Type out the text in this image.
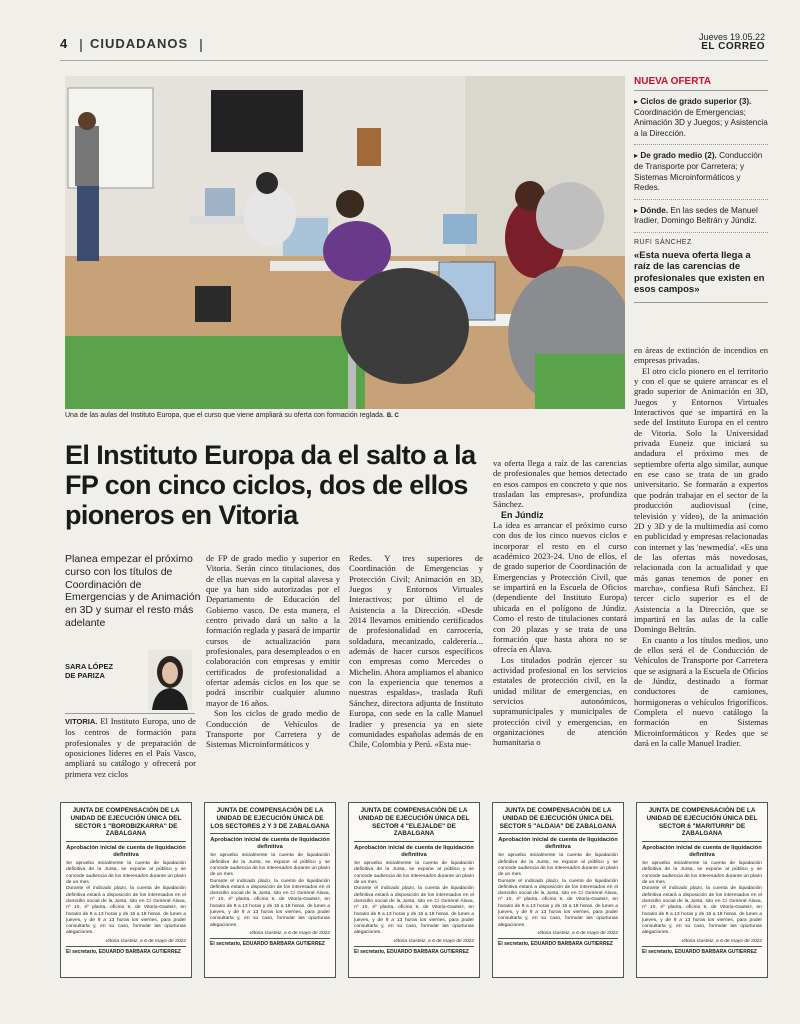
4 CIUDADANOS	Jueves 19.05.22
EL CORREO
Una de las aulas del Instituto Europa, que el curso que viene ampliará su oferta con formación reglada. B. C
NUEVA OFERTA
▸ Ciclos de grado superior (3). Coordinación de Emergencias; Animación 3D y Juegos; y Asistencia a la Dirección.
▸ De grado medio (2). Conducción de Transporte por Carretera; y Sistemas Microinformáticos y Redes.
▸ Dónde. En las sedes de Manuel Iradier, Domingo Beltrán y Júndiz.
RUFI SÁNCHEZ
«Esta nueva oferta llega a raíz de las carencias de profesionales que existen en esos campos»
El Instituto Europa da el salto a la FP con cinco ciclos, dos de ellos pioneros en Vitoria
Planea empezar el próximo curso con los títulos de Coordinación de Emergencias y de Animación en 3D y sumar el resto más adelante
SARA LÓPEZ
DE PARIZA

VITORIA. El Instituto Europa, uno de los centros de formación para profesionales y de preparación de oposiciones líderes en el País Vasco, ampliará su catálogo y ofrecerá por primera vez ciclos

de FP de grado medio y superior en Vitoria. Serán cinco titulaciones, dos de ellas nuevas en la capital alavesa y que ya han sido autorizadas por el Departamento de Educación del Gobierno vasco. De esta manera, el centro privado dará un salto a la formación reglada y pasará de impartir cursos de actualización para profesionales, para desempleados o en colaboración con empresas y emitir certificados de profesionalidad a ofertar además ciclos en los que se podrá inscribir cualquier alumno mayor de 16 años.

Son los ciclos de grado medio de Conducción de Vehículos de Transporte por Carretera y de Sistemas Microinformáticos y

Redes. Y tres superiores de Coordinación de Emergencias y Protección Civil; Animación en 3D, Juegos y Entornos Virtuales Interactivos; por último el de Asistencia a la Dirección. «Desde 2014 llevamos emitiendo certificados de profesionalidad en carrocería, soldadura, mecanizado, calderería... además de hacer cursos específicos con empresas como Mercedes o Michelin. Ahora ampliamos el abanico con la experiencia que tenemos a nuestras espaldas», traslada Rufi Sánchez, directora adjunta de Instituto Europa, con sede en la calle Manuel Iradier y presencia ya en siete comunidades españolas además de en Chile, Colombia y Perú. «Esta nue-

va oferta llega a raíz de las carencias de profesionales que hemos detectado en esos campos en concreto y que nos trasladan las empresas», profundiza Sánchez.

En Júndiz

La idea es arrancar el próximo curso con dos de los cinco nuevos ciclos e incorporar el resto en el curso académico 2023-24. Uno de ellos, el de grado superior de Coordinación de Emergencias y Protección Civil, que se impartirá en la Escuela de Oficios (dependiente del Instituto Europa) ubicada en el polígono de Júndiz. Como el resto de titulaciones contará con 20 plazas y se trata de una formación que hasta ahora no se ofrecía en Álava.

Los titulados podrán ejercer su actividad profesional en los servicios estatales de protección civil, en la unidad militar de emergencias, en servicios autonómicos, supramunicipales y municipales de protección civil y emergencias, en organizaciones de atención humanitaria o

en áreas de extinción de incendios en empresas privadas.

El otro ciclo pionero en el territorio y con el que se quiere arrancar es el grado superior de Animación en 3D, Juegos y Entornos Virtuales Interactivos que se impartirá en la sede del Instituto Europa en el centro de Vitoria. Solo la Universidad privada Euneiz que iniciará su andadura el próximo mes de septiembre oferta algo similar, aunque en ese caso se trata de un grado universitario. Se formarán a expertos que podrán trabajar en el sector de la producción audiovisual (cine, televisión y vídeo), de la animación 2D y 3D y de la multimedia así como en publicidad y empresas relacionadas con internet y las 'newmedia'. «Es una de las ofertas más novedosas, relacionada con la actualidad y que más ganas tenemos de poner en marcha», confiesa Rufi Sánchez. El tercer ciclo superior es el de Asistencia a la Dirección, que se impartirá en las aulas de la calle Domingo Beltrán.

En cuanto a los títulos medios, uno de ellos será el de Conducción de Vehículos de Transporte por Carretera que se asignará a la Escuela de Oficios de Júndiz, destinado a formar conductores de camiones, hormigoneras o vehículos frigoríficos. Completa el nuevo catálogo la formación en Sistemas Microinformáticos y Redes que se dará en la calle Manuel Iradier.

JUNTA DE COMPENSACIÓN DE LA UNIDAD DE EJECUCIÓN ÚNICA DEL SECTOR 1 "BOROBIZKARRA" DE ZABALGANA
Aprobación inicial de cuenta de liquidación definitiva
Se aprueba inicialmente la cuenta de liquidación definitiva de la Junta, se expone al público y se concede audiencia de los interesados durante un plazo de un mes.
Durante el indicado plazo, la cuenta de liquidación definitiva estará a disposición de los interesados en el domicilio social de la Junta, sito en C/ General Álava, nº 10, 4º planta, oficina 5, de Vitoria-Gasteiz, en horario de 9 a 13 horas y de 16 a 18 horas, de lunes a jueves, y de 9 a 13 horas los viernes, para poder consultarla y, en su caso, formular las oportunas alegaciones.
Vitoria-Gasteiz, a 6 de mayo de 2022
El secretario, EDUARDO BARBARA GUTIERREZ
JUNTA DE COMPENSACIÓN DE LA UNIDAD DE EJECUCIÓN ÚNICA DE LOS SECTORES 2 Y 3 DE ZABALGANA
Aprobación inicial de cuenta de liquidación definitiva
Se aprueba inicialmente la cuenta de liquidación definitiva de la Junta, se expone al público y se concede audiencia de los interesados durante un plazo de un mes.
Durante el indicado plazo, la cuenta de liquidación definitiva estará a disposición de los interesados en el domicilio social de la Junta, sito en C/ General Álava, nº 10, 4º planta, oficina 5, de Vitoria-Gasteiz, en horario de 9 a 13 horas y de 16 a 18 horas, de lunes a jueves, y de 9 a 13 horas los viernes, para poder consultarla y, en su caso, formular las oportunas alegaciones.
Vitoria-Gasteiz, a 6 de mayo de 2022
El secretario, EDUARDO BARBARA GUTIERREZ
JUNTA DE COMPENSACIÓN DE LA UNIDAD DE EJECUCIÓN ÚNICA DEL SECTOR 4 "ELEJALDE" DE ZABALGANA
Aprobación inicial de cuenta de liquidación definitiva
Se aprueba inicialmente la cuenta de liquidación definitiva de la Junta, se expone al público y se concede audiencia de los interesados durante un plazo de un mes.
Durante el indicado plazo, la cuenta de liquidación definitiva estará a disposición de los interesados en el domicilio social de la Junta, sito en C/ General Álava, nº 10, 4º planta, oficina 5, de Vitoria-Gasteiz, en horario de 9 a 13 horas y de 16 a 18 horas, de lunes a jueves, y de 9 a 13 horas los viernes, para poder consultarla y, en su caso, formular las oportunas alegaciones.
Vitoria-Gasteiz, a 6 de mayo de 2022
El secretario, EDUARDO BARBARA GUTIERREZ
JUNTA DE COMPENSACIÓN DE LA UNIDAD DE EJECUCIÓN ÚNICA DEL SECTOR 5 "ALDAIA" DE ZABALGANA
Aprobación inicial de cuenta de liquidación definitiva
Se aprueba inicialmente la cuenta de liquidación definitiva de la Junta, se expone al público y se concede audiencia de los interesados durante un plazo de un mes.
Durante el indicado plazo, la cuenta de liquidación definitiva estará a disposición de los interesados en el domicilio social de la Junta, sito en C/ General Álava, nº 10, 4º planta, oficina 5, de Vitoria-Gasteiz, en horario de 9 a 13 horas y de 16 a 18 horas, de lunes a jueves, y de 9 a 13 horas los viernes, para poder consultarla y, en su caso, formular las oportunas alegaciones.
Vitoria-Gasteiz, a 6 de mayo de 2022
El secretario, EDUARDO BARBARA GUTIERREZ
JUNTA DE COMPENSACIÓN DE LA UNIDAD DE EJECUCIÓN ÚNICA DEL SECTOR 6 "MARITURRI" DE ZABALGANA
Aprobación inicial de cuenta de liquidación definitiva
Se aprueba inicialmente la cuenta de liquidación definitiva de la Junta, se expone al público y se concede audiencia de los interesados durante un plazo de un mes.
Durante el indicado plazo, la cuenta de liquidación definitiva estará a disposición de los interesados en el domicilio social de la Junta, sito en C/ General Álava, nº 10, 4º planta, oficina 5, de Vitoria-Gasteiz, en horario de 9 a 13 horas y de 16 a 18 horas, de lunes a jueves, y de 9 a 13 horas los viernes, para poder consultarla y, en su caso, formular las oportunas alegaciones.
Vitoria-Gasteiz, a 6 de mayo de 2022
El secretario, EDUARDO BARBARA GUTIERREZ
